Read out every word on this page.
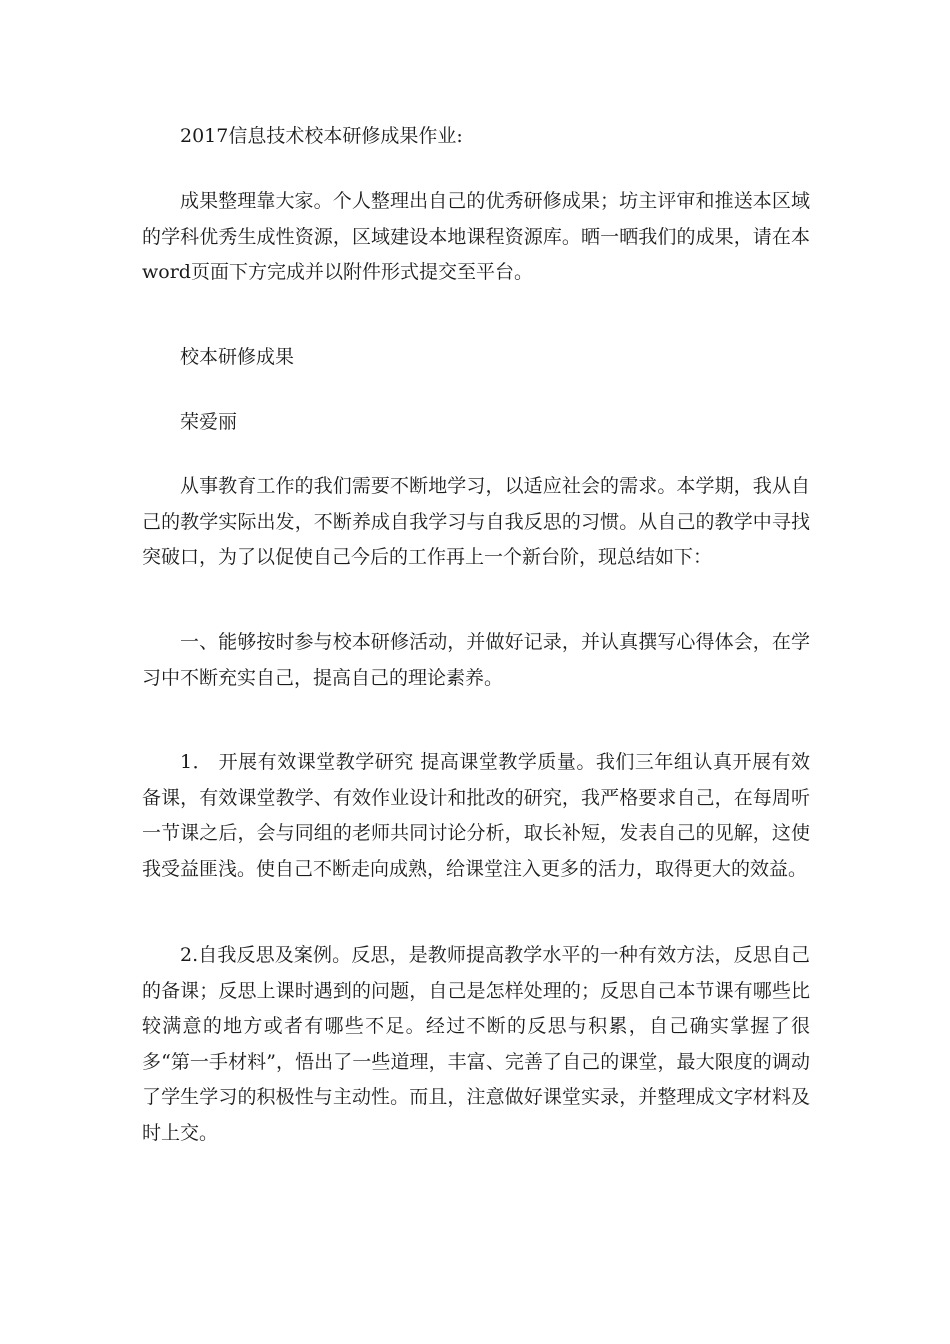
2017信息技术校本研修成果作业:

成果整理靠大家。个人整理出自己的优秀研修成果；坊主评审和推送本区域的学科优秀生成性资源，区域建设本地课程资源库。晒一晒我们的成果，请在本word页面下方完成并以附件形式提交至平台。

校本研修成果

荣爱丽

从事教育工作的我们需要不断地学习，以适应社会的需求。本学期，我从自己的教学实际出发，不断养成自我学习与自我反思的习惯。从自己的教学中寻找突破口，为了以促使自己今后的工作再上一个新台阶，现总结如下：

一、能够按时参与校本研修活动，并做好记录，并认真撰写心得体会，在学习中不断充实自己，提高自己的理论素养。

1． 开展有效课堂教学研究 提高课堂教学质量。我们三年组认真开展有效备课，有效课堂教学、有效作业设计和批改的研究，我严格要求自己，在每周听一节课之后，会与同组的老师共同讨论分析，取长补短，发表自己的见解，这使我受益匪浅。使自己不断走向成熟，给课堂注入更多的活力，取得更大的效益。

2.自我反思及案例。反思，是教师提高教学水平的一种有效方法，反思自己的备课；反思上课时遇到的问题，自己是怎样处理的；反思自己本节课有哪些比较满意的地方或者有哪些不足。经过不断的反思与积累，自己确实掌握了很多“第一手材料”，悟出了一些道理，丰富、完善了自己的课堂，最大限度的调动了学生学习的积极性与主动性。而且，注意做好课堂实录，并整理成文字材料及时上交。
